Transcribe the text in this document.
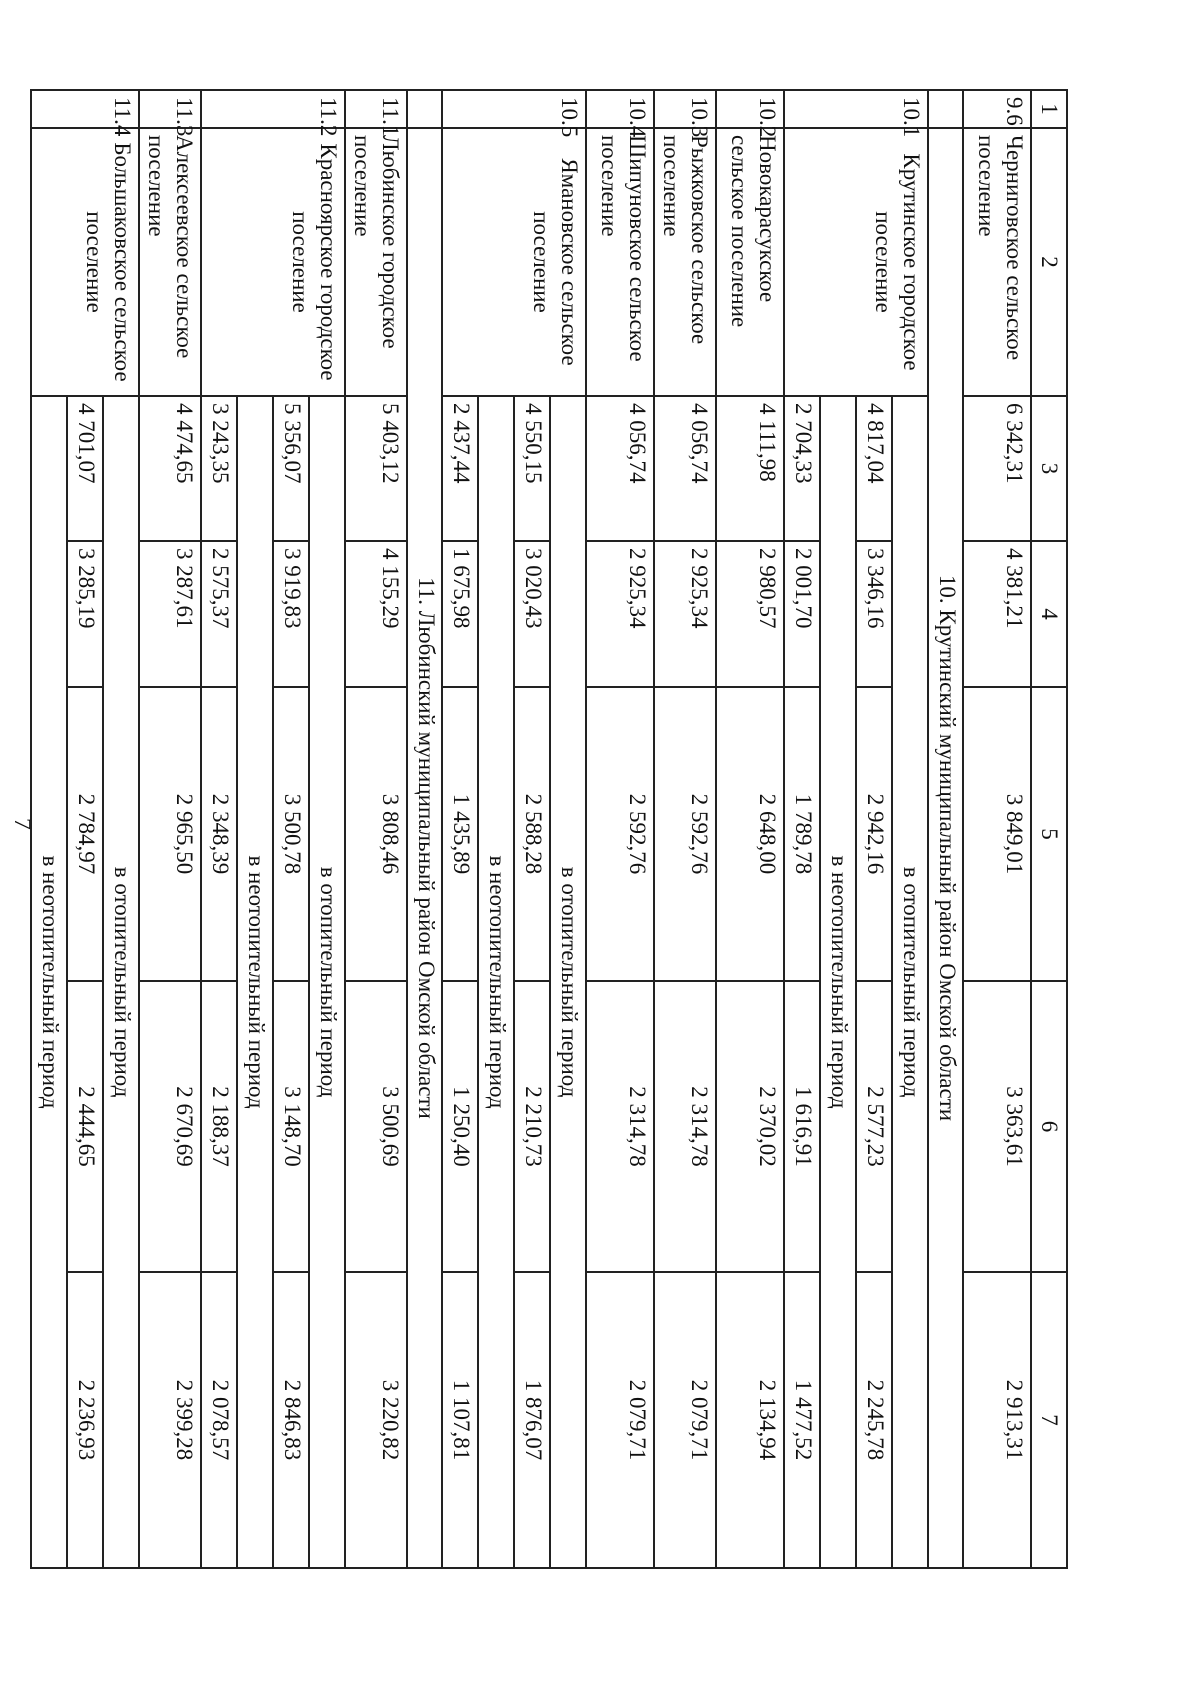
7
1	2	3	4	5	6	7
9.6	Черниговское сельское поселение	6 342,31	4 381,21	3 849,01	3 363,61	2 913,31
	10. Крутинский муниципальный район Омской области					
10.1	Крутинское городское поселение	в отопительный период				
		4 817,04	3 346,16	2 942,16	2 577,23	2 245,78
		в неотопительный период				
		2 704,33	2 001,70	1 789,78	1 616,91	1 477,52
10.2	Новокарасукское сельское поселение	4 111,98	2 980,57	2 648,00	2 370,02	2 134,94
10.3	Рыжковское сельское поселение	4 056,74	2 925,34	2 592,76	2 314,78	2 079,71
10.4	Шипуновское сельское поселение	4 056,74	2 925,34	2 592,76	2 314,78	2 079,71
10.5	Ямановское сельское поселение	в отопительный период				
		4 550,15	3 020,43	2 588,28	2 210,73	1 876,07
		в неотопительный период				
		2 437,44	1 675,98	1 435,89	1 250,40	1 107,81
	11. Любинский муниципальный район Омской области					
11.1	Любинское городское поселение	5 403,12	4 155,29	3 808,46	3 500,69	3 220,82
11.2	Красноярское городское поселение	в отопительный период				
		5 356,07	3 919,83	3 500,78	3 148,70	2 846,83
		в неотопительный период				
		3 243,35	2 575,37	2 348,39	2 188,37	2 078,57
11.3	Алексеевское сельское поселение	4 474,65	3 287,61	2 965,50	2 670,69	2 399,28
11.4	Большаковское сельское поселение	в отопительный период				
		4 701,07	3 285,19	2 784,97	2 444,65	2 236,93
		в неотопительный период				
